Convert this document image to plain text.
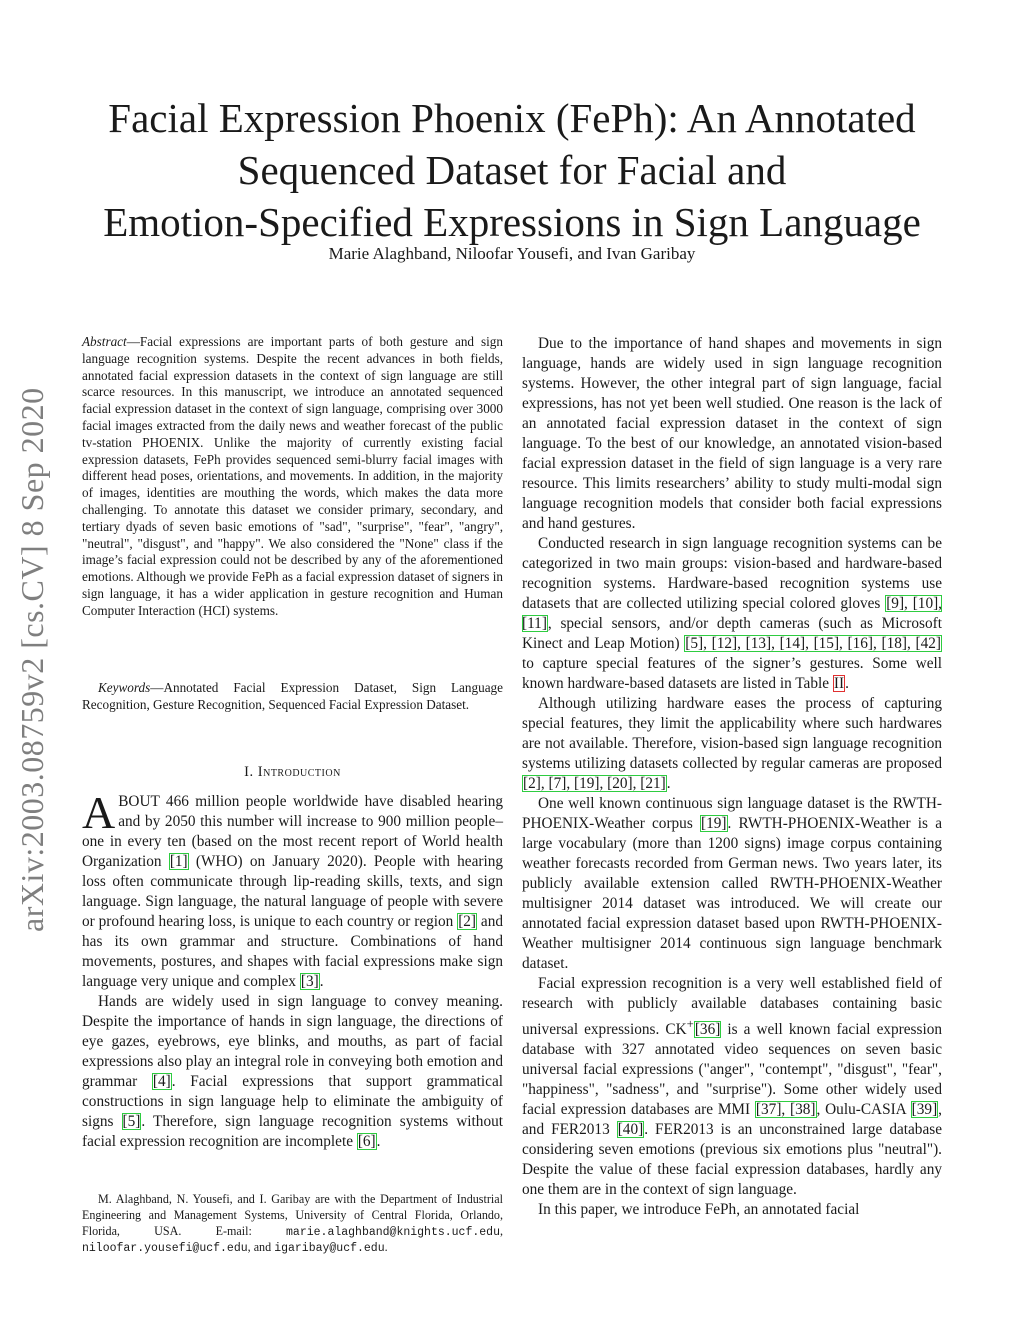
arXiv:2003.08759v2 [cs.CV] 8 Sep 2020
Facial Expression Phoenix (FePh): An Annotated
Sequenced Dataset for Facial and
Emotion-Specified Expressions in Sign Language
Marie Alaghband, Niloofar Yousefi, and Ivan Garibay

Abstract—Facial expressions are important parts of both gesture and sign language recognition systems. Despite the recent advances in both fields, annotated facial expression datasets in the context of sign language are still scarce resources. In this manuscript, we introduce an annotated sequenced facial expression dataset in the context of sign language, comprising over 3000 facial images extracted from the daily news and weather forecast of the public tv-station PHOENIX. Unlike the majority of currently existing facial expression datasets, FePh provides sequenced semi-blurry facial images with different head poses, orientations, and movements. In addition, in the majority of images, identities are mouthing the words, which makes the data more challenging. To annotate this dataset we consider primary, secondary, and tertiary dyads of seven basic emotions of "sad", "surprise", "fear", "angry", "neutral", "disgust", and "happy". We also considered the "None" class if the image’s facial expression could not be described by any of the aforementioned emotions. Although we provide FePh as a facial expression dataset of signers in sign language, it has a wider application in gesture recognition and Human Computer Interaction (HCI) systems.

Keywords—Annotated Facial Expression Dataset, Sign Language Recognition, Gesture Recognition, Sequenced Facial Expression Dataset.

I. Introduction

ABOUT 466 million people worldwide have disabled hearing and by 2050 this number will increase to 900 million people–one in every ten (based on the most recent report of World health Organization [1] (WHO) on January 2020). People with hearing loss often communicate through lip-reading skills, texts, and sign language. Sign language, the natural language of people with severe or profound hearing loss, is unique to each country or region [2] and has its own grammar and structure. Combinations of hand movements, postures, and shapes with facial expressions make sign language very unique and complex [3].

Hands are widely used in sign language to convey meaning. Despite the importance of hands in sign language, the directions of eye gazes, eyebrows, eye blinks, and mouths, as part of facial expressions also play an integral role in conveying both emotion and grammar [4]. Facial expressions that support grammatical constructions in sign language help to eliminate the ambiguity of signs [5]. Therefore, sign language recognition systems without facial expression recognition are incomplete [6].

M. Alaghband, N. Yousefi, and I. Garibay are with the Department of Industrial Engineering and Management Systems, University of Central Florida, Orlando, Florida, USA. E-mail: marie.alaghband@knights.ucf.edu, niloofar.yousefi@ucf.edu, and igaribay@ucf.edu.

Due to the importance of hand shapes and movements in sign language, hands are widely used in sign language recognition systems. However, the other integral part of sign language, facial expressions, has not yet been well studied. One reason is the lack of an annotated facial expression dataset in the context of sign language. To the best of our knowledge, an annotated vision-based facial expression dataset in the field of sign language is a very rare resource. This limits researchers’ ability to study multi-modal sign language recognition models that consider both facial expressions and hand gestures.

Conducted research in sign language recognition systems can be categorized in two main groups: vision-based and hardware-based recognition systems. Hardware-based recognition systems use datasets that are collected utilizing special colored gloves [9], [10], [11], special sensors, and/or depth cameras (such as Microsoft Kinect and Leap Motion) [5], [12], [13], [14], [15], [16], [18], [42] to capture special features of the signer’s gestures. Some well known hardware-based datasets are listed in Table II.

Although utilizing hardware eases the process of capturing special features, they limit the applicability where such hardwares are not available. Therefore, vision-based sign language recognition systems utilizing datasets collected by regular cameras are proposed [2], [7], [19], [20], [21].

One well known continuous sign language dataset is the RWTH-PHOENIX-Weather corpus [19]. RWTH-PHOENIX-Weather is a large vocabulary (more than 1200 signs) image corpus containing weather forecasts recorded from German news. Two years later, its publicly available extension called RWTH-PHOENIX-Weather multisigner 2014 dataset was introduced. We will create our annotated facial expression dataset based upon RWTH-PHOENIX-Weather multisigner 2014 continuous sign language benchmark dataset.

Facial expression recognition is a very well established field of research with publicly available databases containing basic universal expressions. CK+[36] is a well known facial expression database with 327 annotated video sequences on seven basic universal facial expressions ("anger", "contempt", "disgust", "fear", "happiness", "sadness", and "surprise"). Some other widely used facial expression databases are MMI [37], [38], Oulu-CASIA [39], and FER2013 [40]. FER2013 is an unconstrained large database considering seven emotions (previous six emotions plus "neutral"). Despite the value of these facial expression databases, hardly any one them are in the context of sign language.

In this paper, we introduce FePh, an annotated facial
